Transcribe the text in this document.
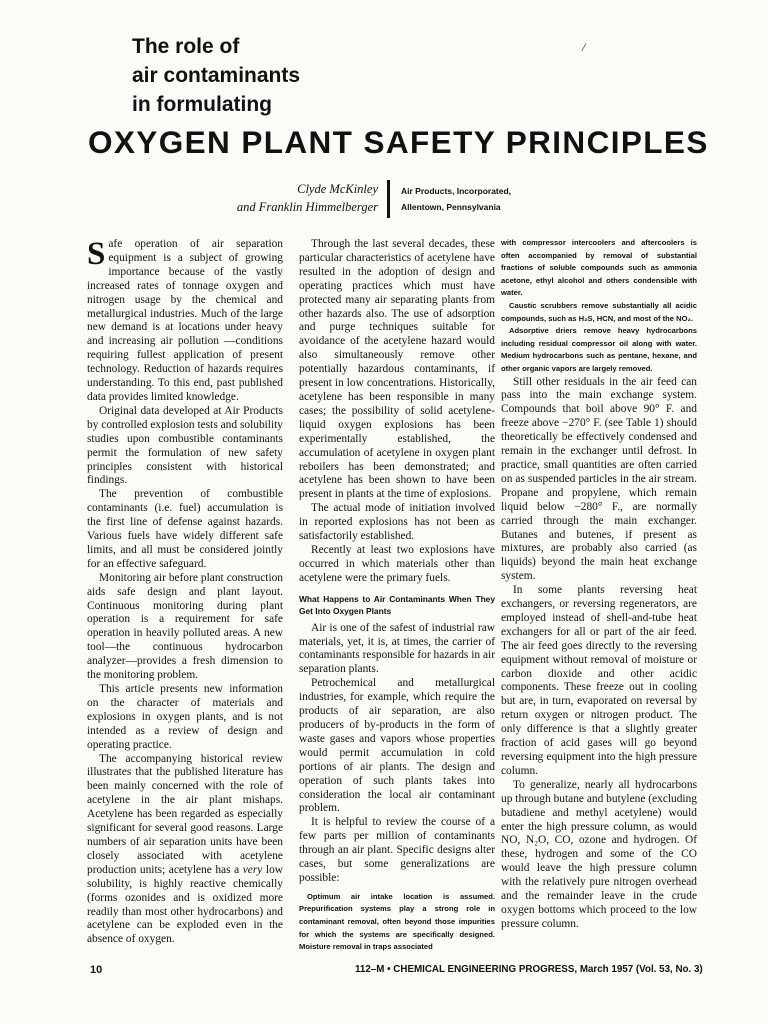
The role of

air contaminants

in formulating

/
OXYGEN PLANT SAFETY PRINCIPLES
Clyde McKinley
and Franklin Himmelberger
Air Products, Incorporated,
Allentown, Pennsylvania

Safe operation of air separation equipment is a subject of growing importance because of the vastly increased rates of tonnage oxygen and nitrogen usage by the chemical and metallurgical industries. Much of the large new demand is at locations under heavy and increasing air pollution —conditions requiring fullest application of present technology. Reduction of hazards requires understanding. To this end, past published data provides limited knowledge.

Original data developed at Air Products by controlled explosion tests and solubility studies upon combustible contaminants permit the formulation of new safety principles consistent with historical findings.

The prevention of combustible contaminants (i.e. fuel) accumulation is the first line of defense against hazards. Various fuels have widely different safe limits, and all must be considered jointly for an effective safeguard.

Monitoring air before plant construction aids safe design and plant layout. Continuous monitoring during plant operation is a requirement for safe operation in heavily polluted areas. A new tool—the continuous hydrocarbon analyzer—provides a fresh dimension to the monitoring problem.

This article presents new information on the character of materials and explosions in oxygen plants, and is not intended as a review of design and operating practice.

The accompanying historical review illustrates that the published literature has been mainly concerned with the role of acetylene in the air plant mishaps. Acetylene has been regarded as especially significant for several good reasons. Large numbers of air separation units have been closely associated with acetylene production units; acetylene has a very low solubility, is highly reactive chemically (forms ozonides and is oxidized more readily than most other hydrocarbons) and acetylene can be exploded even in the absence of oxygen.

Through the last several decades, these particular characteristics of acetylene have resulted in the adoption of design and operating practices which must have protected many air separating plants from other hazards also. The use of adsorption and purge techniques suitable for avoidance of the acetylene hazard would also simultaneously remove other potentially hazardous contaminants, if present in low concentrations. Historically, acetylene has been responsible in many cases; the possibility of solid acetylene-liquid oxygen explosions has been experimentally established, the accumulation of acetylene in oxygen plant reboilers has been demonstrated; and acetylene has been shown to have been present in plants at the time of explosions.

The actual mode of initiation involved in reported explosions has not been as satisfactorily established.

Recently at least two explosions have occurred in which materials other than acetylene were the primary fuels.

What Happens to Air Contaminants When They Get Into Oxygen Plants

Air is one of the safest of industrial raw materials, yet, it is, at times, the carrier of contaminants responsible for hazards in air separation plants.

Petrochemical and metallurgical industries, for example, which require the products of air separation, are also producers of by-products in the form of waste gases and vapors whose properties would permit accumulation in cold portions of air plants. The design and operation of such plants takes into consideration the local air contaminant problem.

It is helpful to review the course of a few parts per million of contaminants through an air plant. Specific designs alter cases, but some generalizations are possible:

Optimum air intake location is assumed. Prepurification systems play a strong role in contaminant removal, often beyond those impurities for which the systems are specifically designed. Moisture removal in traps associated

with compressor intercoolers and aftercoolers is often accompanied by removal of substantial fractions of soluble compounds such as ammonia acetone, ethyl alcohol and others condensible with water.

Caustic scrubbers remove substantially all acidic compounds, such as H₂S, HCN, and most of the NO₂.

Adsorptive driers remove heavy hydrocarbons including residual compressor oil along with water. Medium hydrocarbons such as pentane, hexane, and other organic vapors are largely removed.

Still other residuals in the air feed can pass into the main exchange system. Compounds that boil above 90° F. and freeze above −270° F. (see Table 1) should theoretically be effectively condensed and remain in the exchanger until defrost. In practice, small quantities are often carried on as suspended particles in the air stream. Propane and propylene, which remain liquid below −280° F., are normally carried through the main exchanger. Butanes and butenes, if present as mixtures, are probably also carried (as liquids) beyond the main heat exchange system.

In some plants reversing heat exchangers, or reversing regenerators, are employed instead of shell-and-tube heat exchangers for all or part of the air feed. The air feed goes directly to the reversing equipment without removal of moisture or carbon dioxide and other acidic components. These freeze out in cooling but are, in turn, evaporated on reversal by return oxygen or nitrogen product. The only difference is that a slightly greater fraction of acid gases will go beyond reversing equipment into the high pressure column.

To generalize, nearly all hydrocarbons up through butane and butylene (excluding butadiene and methyl acetylene) would enter the high pressure column, as would NO, N₂O, CO, ozone and hydrogen. Of these, hydrogen and some of the CO would leave the high pressure column with the relatively pure nitrogen overhead and the remainder leave in the crude oxygen bottoms which proceed to the low pressure column.

10	112–M • CHEMICAL ENGINEERING PROGRESS, March 1957 (Vol. 53, No. 3)
